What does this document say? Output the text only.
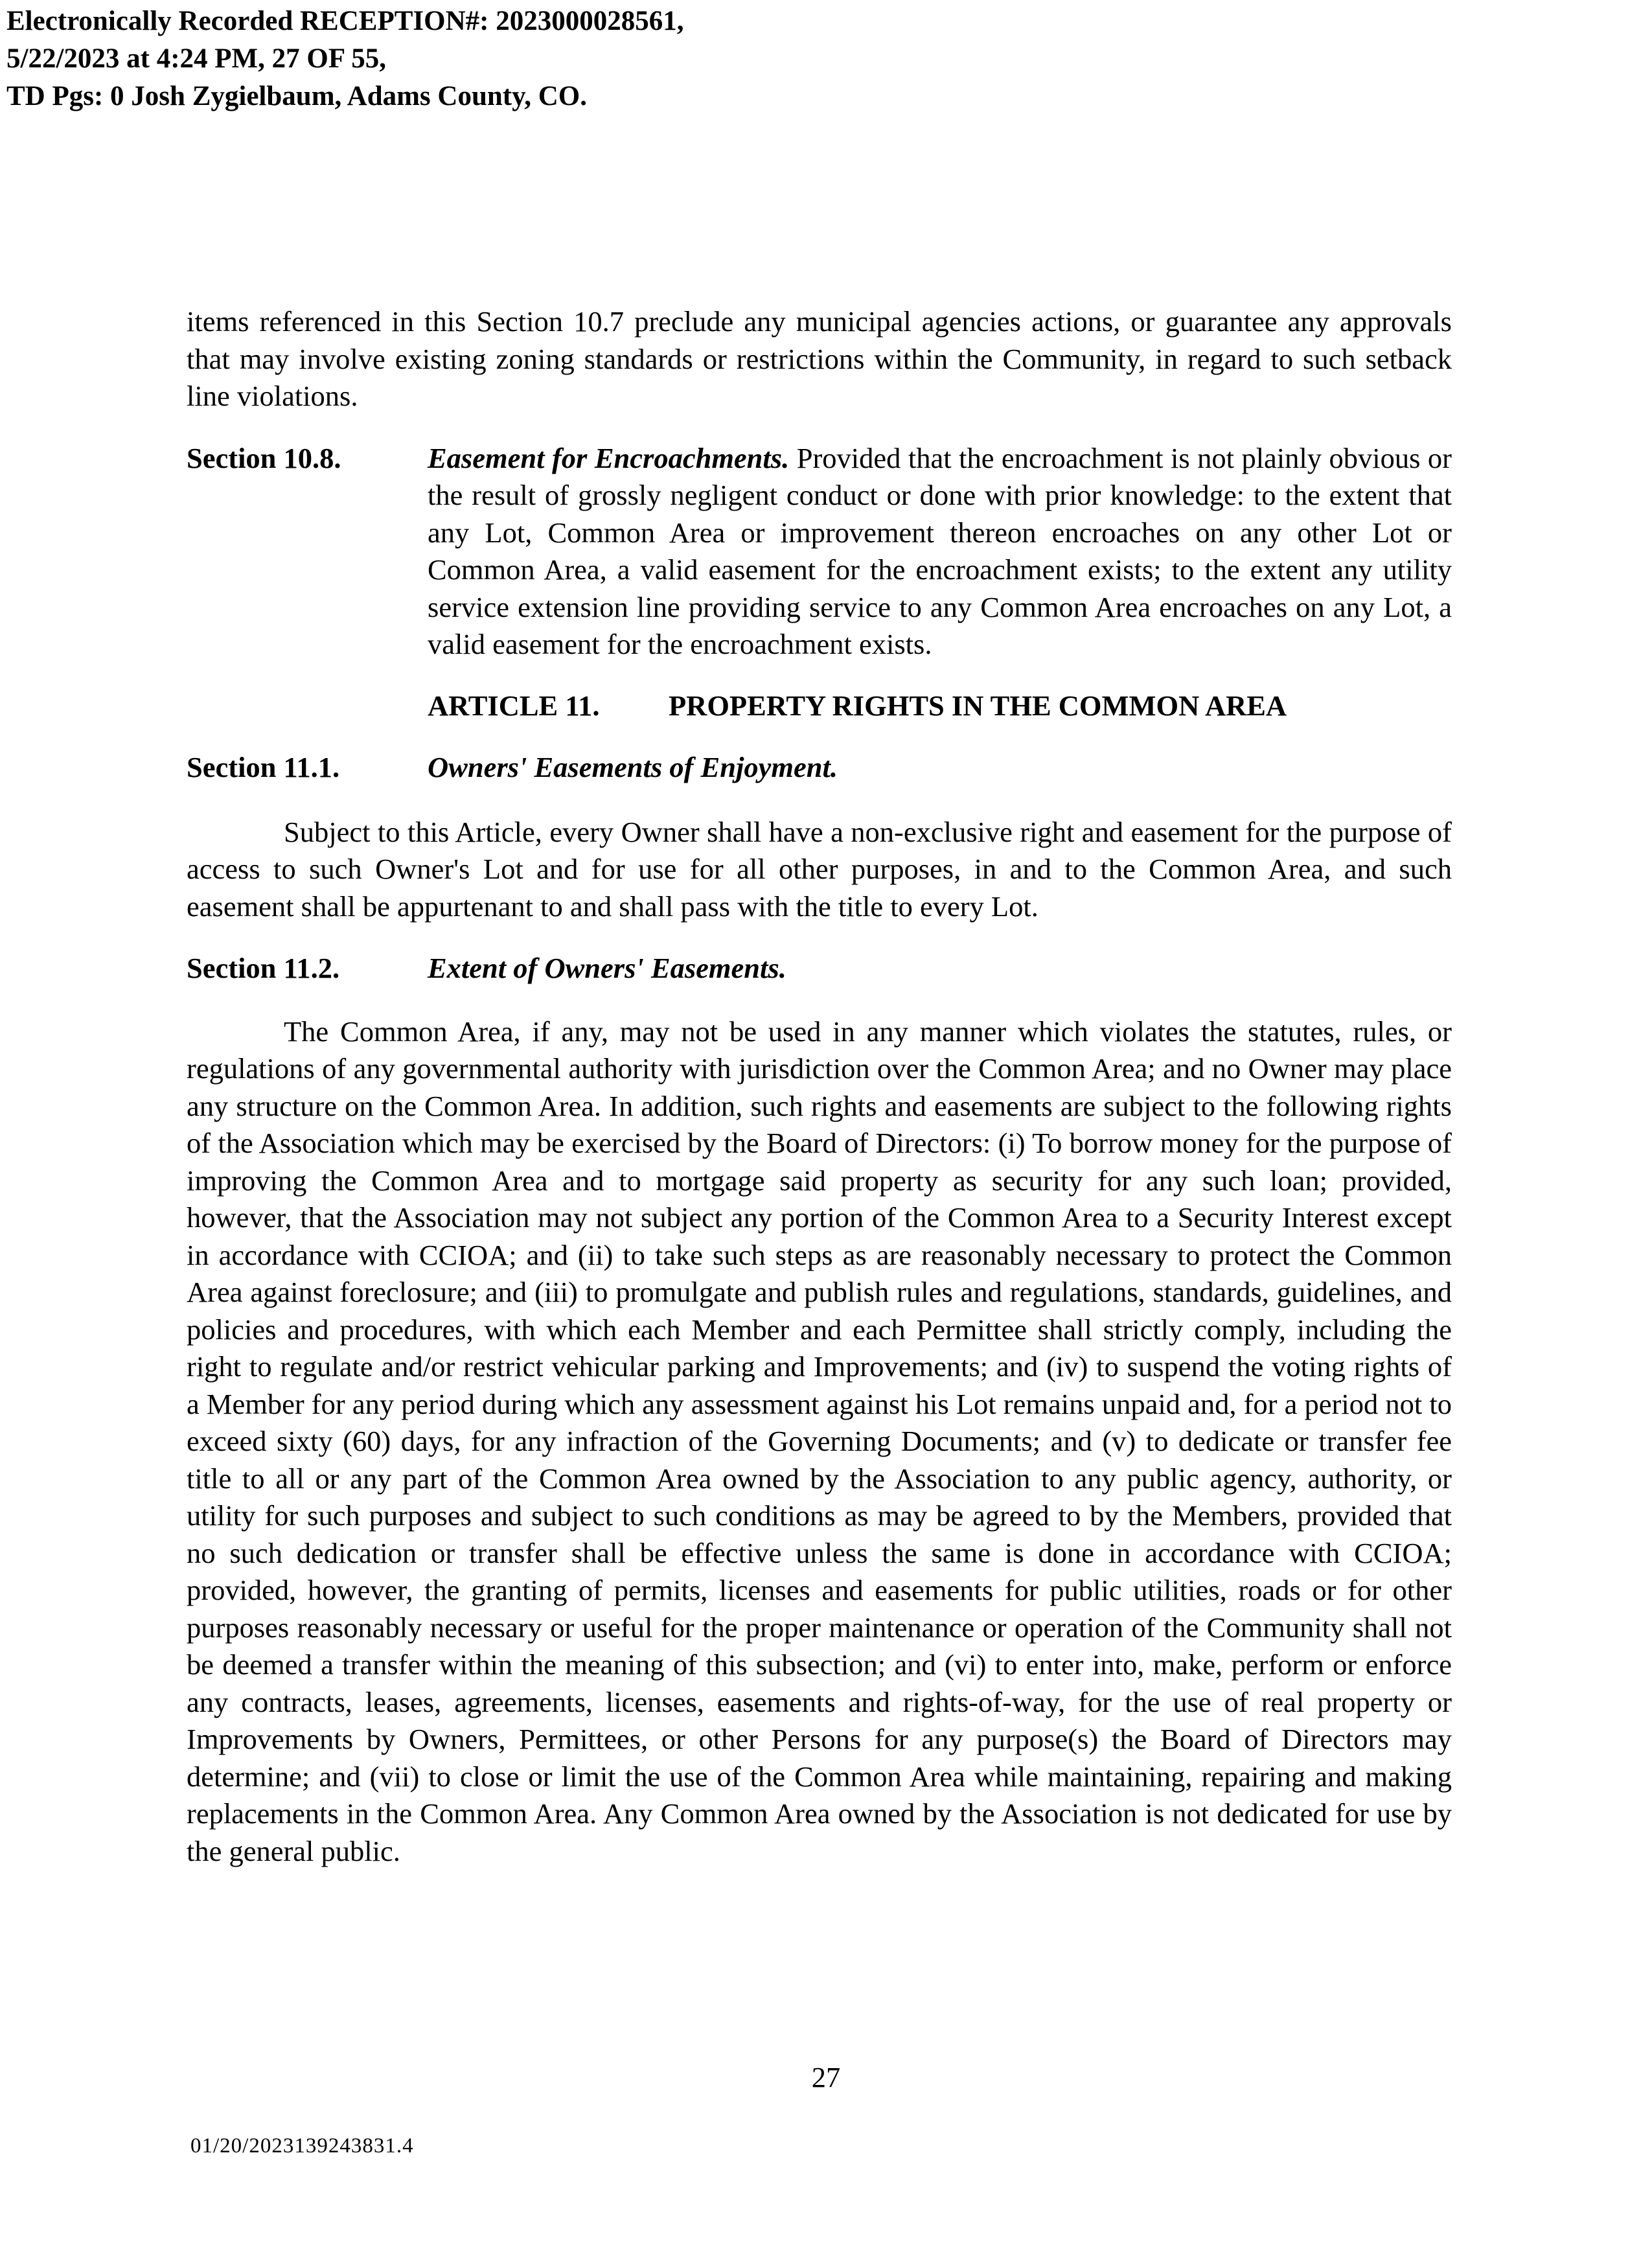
Electronically Recorded RECEPTION#: 2023000028561,
5/22/2023 at 4:24 PM, 27 OF 55,
TD Pgs: 0 Josh Zygielbaum, Adams County, CO.

items referenced in this Section 10.7 preclude any municipal agencies actions, or guarantee any approvals that may involve existing zoning standards or restrictions within the Community, in regard to such setback line violations.

Section 10.8.	Easement for Encroachments. Provided that the encroachment is not plainly obvious or the result of grossly negligent conduct or done with prior knowledge: to the extent that any Lot, Common Area or improvement thereon encroaches on any other Lot or Common Area, a valid easement for the encroachment exists; to the extent any utility service extension line providing service to any Common Area encroaches on any Lot, a valid easement for the encroachment exists.
ARTICLE 11.	PROPERTY RIGHTS IN THE COMMON AREA
Section 11.1.	Owners' Easements of Enjoyment.

Subject to this Article, every Owner shall have a non-exclusive right and easement for the purpose of access to such Owner's Lot and for use for all other purposes, in and to the Common Area, and such easement shall be appurtenant to and shall pass with the title to every Lot.

Section 11.2.	Extent of Owners' Easements.

The Common Area, if any, may not be used in any manner which violates the statutes, rules, or regulations of any governmental authority with jurisdiction over the Common Area; and no Owner may place any structure on the Common Area. In addition, such rights and easements are subject to the following rights of the Association which may be exercised by the Board of Directors: (i) To borrow money for the purpose of improving the Common Area and to mortgage said property as security for any such loan; provided, however, that the Association may not subject any portion of the Common Area to a Security Interest except in accordance with CCIOA; and (ii) to take such steps as are reasonably necessary to protect the Common Area against foreclosure; and (iii) to promulgate and publish rules and regulations, standards, guidelines, and policies and procedures, with which each Member and each Permittee shall strictly comply, including the right to regulate and/or restrict vehicular parking and Improvements; and (iv) to suspend the voting rights of a Member for any period during which any assessment against his Lot remains unpaid and, for a period not to exceed sixty (60) days, for any infraction of the Governing Documents; and (v) to dedicate or transfer fee title to all or any part of the Common Area owned by the Association to any public agency, authority, or utility for such purposes and subject to such conditions as may be agreed to by the Members, provided that no such dedication or transfer shall be effective unless the same is done in accordance with CCIOA; provided, however, the granting of permits, licenses and easements for public utilities, roads or for other purposes reasonably necessary or useful for the proper maintenance or operation of the Community shall not be deemed a transfer within the meaning of this subsection; and (vi) to enter into, make, perform or enforce any contracts, leases, agreements, licenses, easements and rights-of-way, for the use of real property or Improvements by Owners, Permittees, or other Persons for any purpose(s) the Board of Directors may determine; and (vii) to close or limit the use of the Common Area while maintaining, repairing and making replacements in the Common Area. Any Common Area owned by the Association is not dedicated for use by the general public.

27
01/20/2023139243831.4
